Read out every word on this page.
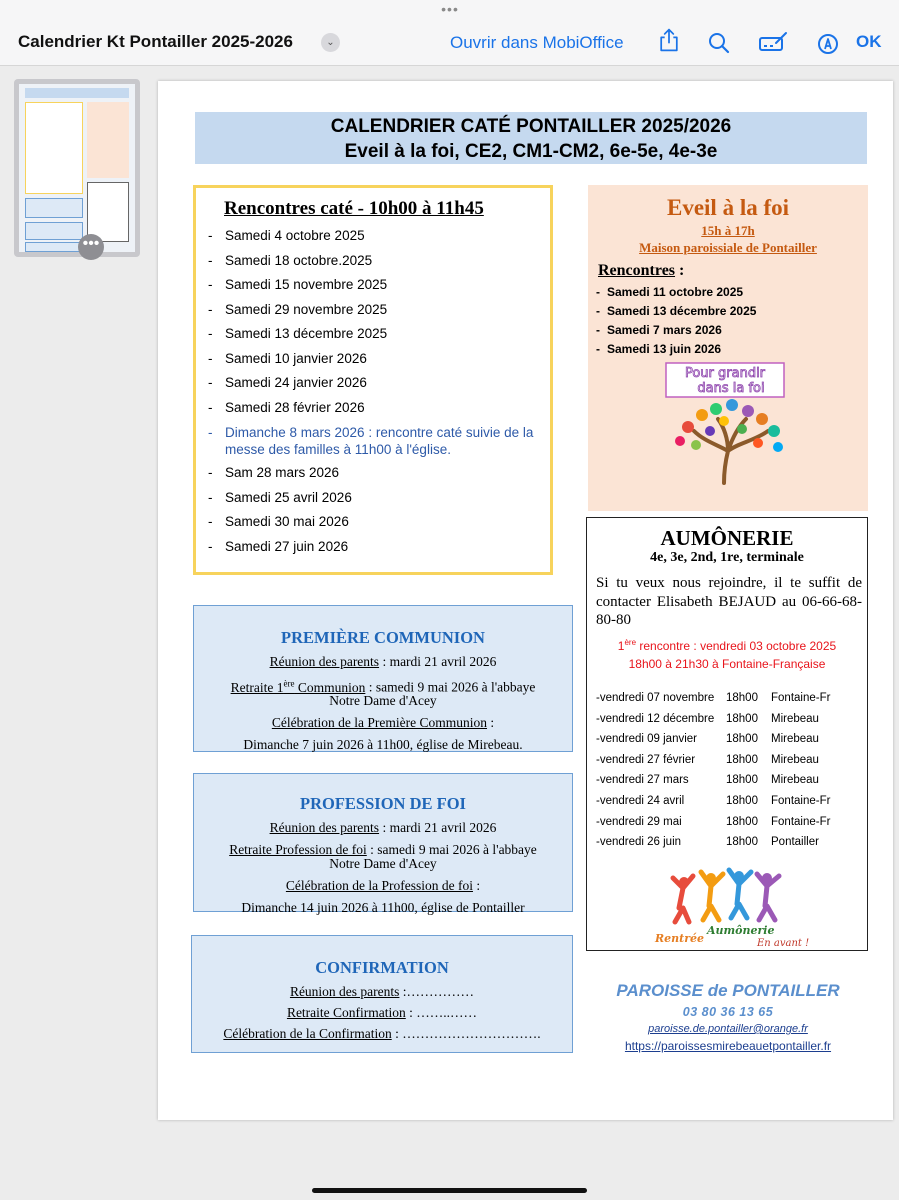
•••
Calendrier Kt Pontailler 2025-2026	⌄	Ouvrir dans MobiOffice	OK
•••
CALENDRIER CATÉ PONTAILLER 2025/2026
Eveil à la foi, CE2, CM1-CM2, 6e-5e, 4e-3e
Rencontres caté - 10h00 à 11h45
- Samedi 4 octobre 2025
- Samedi 18 octobre.2025
- Samedi 15 novembre 2025
- Samedi 29 novembre 2025
- Samedi 13 décembre 2025
- Samedi 10 janvier 2026
- Samedi 24 janvier 2026
- Samedi 28 février 2026
- Dimanche 8 mars 2026 : rencontre caté suivie de la messe des familles à 11h00 à l'église.
- Sam 28 mars 2026
- Samedi 25 avril 2026
- Samedi 30 mai 2026
- Samedi 27 juin 2026
Eveil à la foi
15h à 17h
Maison paroissiale de Pontailler
Rencontres :
- Samedi 11 octobre 2025
- Samedi 13 décembre 2025
- Samedi 7 mars 2026
- Samedi 13 juin 2026
Pour grandir
dans la foi
AUMÔNERIE
4e, 3e, 2nd, 1re, terminale
Si tu veux nous rejoindre, il te suffit de contacter Elisabeth BEJAUD au 06-66-68-80-80
1ère rencontre : vendredi 03 octobre 2025
18h00 à 21h30 à Fontaine-Française
-vendredi 07 novembre 18h00 Fontaine-Fr
-vendredi 12 décembre 18h00 Mirebeau
-vendredi 09 janvier	18h00 Mirebeau
-vendredi 27 février	18h00 Mirebeau
-vendredi 27 mars	18h00 Mirebeau
-vendredi 24 avril	18h00 Fontaine-Fr
-vendredi 29 mai	18h00 Fontaine-Fr
-vendredi 26 juin	18h00 Pontailler
Rentrée
Aumônerie
En avant !
PREMIÈRE COMMUNION
Réunion des parents : mardi 21 avril 2026
Retraite 1ère Communion : samedi 9 mai 2026 à l'abbaye
Notre Dame d'Acey
Célébration de la Première Communion :
Dimanche 7 juin 2026 à 11h00, église de Mirebeau.
PROFESSION DE FOI
Réunion des parents : mardi 21 avril 2026
Retraite Profession de foi : samedi 9 mai 2026 à l'abbaye
Notre Dame d'Acey
Célébration de la Profession de foi :
Dimanche 14 juin 2026 à 11h00, église de Pontailler
CONFIRMATION
Réunion des parents :……………
Retraite Confirmation : ……..……
Célébration de la Confirmation : ………………………….
PAROISSE de PONTAILLER
03 80 36 13 65
paroisse.de.pontailler@orange.fr
https://paroissesmirebeauetpontailler.fr
